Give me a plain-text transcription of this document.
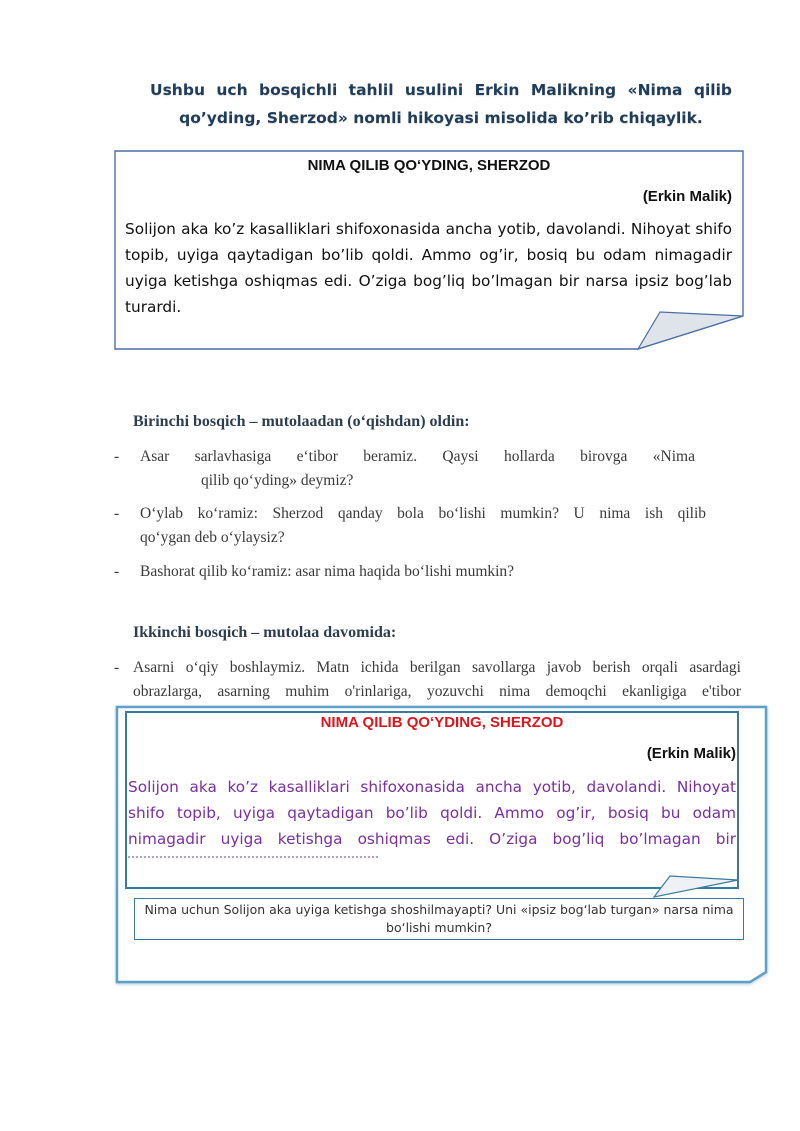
Ushbu uch bosqichli tahlil usulini Erkin Malikning «Nima qilib qo’yding, Sherzod» nomli hikoyasi misolida ko’rib chiqaylik.
NIMA QILIB QO‘YDING, SHERZOD
(Erkin Malik)
Solijon aka ko’z kasalliklari shifoxonasida ancha yotib, davolandi. Nihoyat shifo topib, uyiga qaytadigan bo’lib qoldi. Ammo og’ir, bosiq bu odam nimagadir uyiga ketishga oshiqmas edi. O’ziga bog’liq bo’lmagan bir narsa ipsiz bog’lab turardi.
Birinchi bosqich – mutolaadan (o‘qishdan) oldin:
- Asar sarlavhasiga e‘tibor beramiz. Qaysi hollarda birovga «Nima
qilib qo‘yding» deymiz?
- O‘ylab ko‘ramiz: Sherzod qanday bola bo‘lishi mumkin? U nima ish qilib
qo‘ygan deb o‘ylaysiz?
- Bashorat qilib ko‘ramiz: asar nima haqida bo‘lishi mumkin?
Ikkinchi bosqich – mutolaa davomida:
- Asarni o‘qiy boshlaymiz. Matn ichida berilgan savollarga javob berish orqali asardagi
obrazlarga, asarning muhim o'rinlariga, yozuvchi nima demoqchi ekanligiga e'tibor
NIMA QILIB QO‘YDING, SHERZOD
(Erkin Malik)
Solijon aka ko’z kasalliklari shifoxonasida ancha yotib, davolandi. Nihoyat
shifo topib, uyiga qaytadigan bo’lib qoldi. Ammo og’ir, bosiq bu odam
nimagadir uyiga ketishga oshiqmas edi. O’ziga bog’liq bo’lmagan bir
Nima uchun Solijon aka uyiga ketishga shoshilmayapti? Uni «ipsiz bog‘lab turgan» narsa nima bo‘lishi mumkin?
